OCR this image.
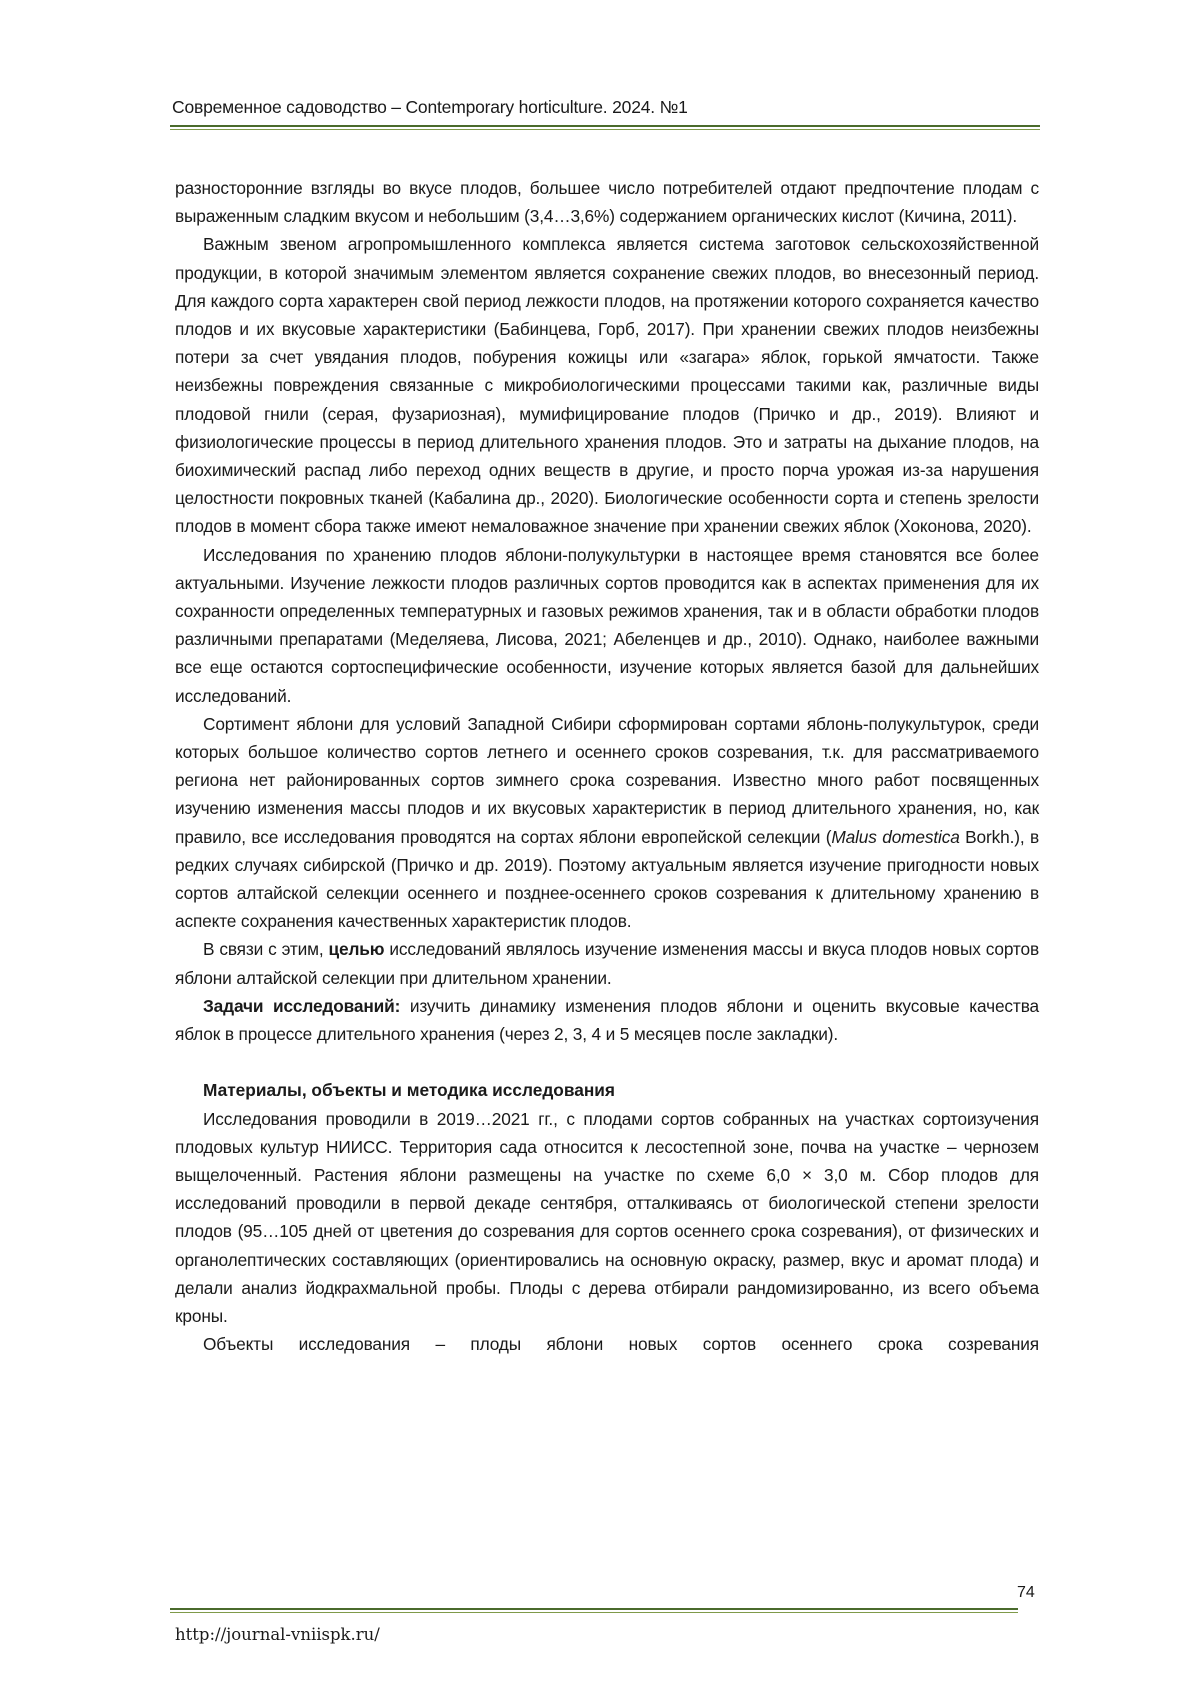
Современное садоводство – Contemporary horticulture. 2024. №1

разносторонние взгляды во вкусе плодов, большее число потребителей отдают предпочтение плодам с выраженным сладким вкусом и небольшим (3,4…3,6%) содержанием органических кислот (Кичина, 2011).

Важным звеном агропромышленного комплекса является система заготовок сельскохозяйственной продукции, в которой значимым элементом является сохранение свежих плодов, во внесезонный период. Для каждого сорта характерен свой период лежкости плодов, на протяжении которого сохраняется качество плодов и их вкусовые характеристики (Бабинцева, Горб, 2017). При хранении свежих плодов неизбежны потери за счет увядания плодов, побурения кожицы или «загара» яблок, горькой ямчатости. Также неизбежны повреждения связанные с микробиологическими процессами такими как, различные виды плодовой гнили (серая, фузариозная), мумифицирование плодов (Причко и др., 2019). Влияют и физиологические процессы в период длительного хранения плодов. Это и затраты на дыхание плодов, на биохимический распад либо переход одних веществ в другие, и просто порча урожая из-за нарушения целостности покровных тканей (Кабалина др., 2020). Биологические особенности сорта и степень зрелости плодов в момент сбора также имеют немаловажное значение при хранении свежих яблок (Хоконова, 2020).

Исследования по хранению плодов яблони-полукультурки в настоящее время становятся все более актуальными. Изучение лежкости плодов различных сортов проводится как в аспектах применения для их сохранности определенных температурных и газовых режимов хранения, так и в области обработки плодов различными препаратами (Меделяева, Лисова, 2021; Абеленцев и др., 2010). Однако, наиболее важными все еще остаются сортоспецифические особенности, изучение которых является базой для дальнейших исследований.

Сортимент яблони для условий Западной Сибири сформирован сортами яблонь-полукультурок, среди которых большое количество сортов летнего и осеннего сроков созревания, т.к. для рассматриваемого региона нет районированных сортов зимнего срока созревания. Известно много работ посвященных изучению изменения массы плодов и их вкусовых характеристик в период длительного хранения, но, как правило, все исследования проводятся на сортах яблони европейской селекции (Malus domestica Borkh.), в редких случаях сибирской (Причко и др. 2019). Поэтому актуальным является изучение пригодности новых сортов алтайской селекции осеннего и позднее-осеннего сроков созревания к длительному хранению в аспекте сохранения качественных характеристик плодов.

В связи с этим, целью исследований являлось изучение изменения массы и вкуса плодов новых сортов яблони алтайской селекции при длительном хранении.

Задачи исследований: изучить динамику изменения плодов яблони и оценить вкусовые качества яблок в процессе длительного хранения (через 2, 3, 4 и 5 месяцев после закладки).

Материалы, объекты и методика исследования

Исследования проводили в 2019…2021 гг., с плодами сортов собранных на участках сортоизучения плодовых культур НИИСС. Территория сада относится к лесостепной зоне, почва на участке – чернозем выщелоченный. Растения яблони размещены на участке по схеме 6,0 × 3,0 м. Сбор плодов для исследований проводили в первой декаде сентября, отталкиваясь от биологической степени зрелости плодов (95…105 дней от цветения до созревания для сортов осеннего срока созревания), от физических и органолептических составляющих (ориентировались на основную окраску, размер, вкус и аромат плода) и делали анализ йодкрахмальной пробы. Плоды с дерева отбирали рандомизированно, из всего объема кроны.

Объекты исследования – плоды яблони новых сортов осеннего срока созревания

74
http://journal-vniispk.ru/
